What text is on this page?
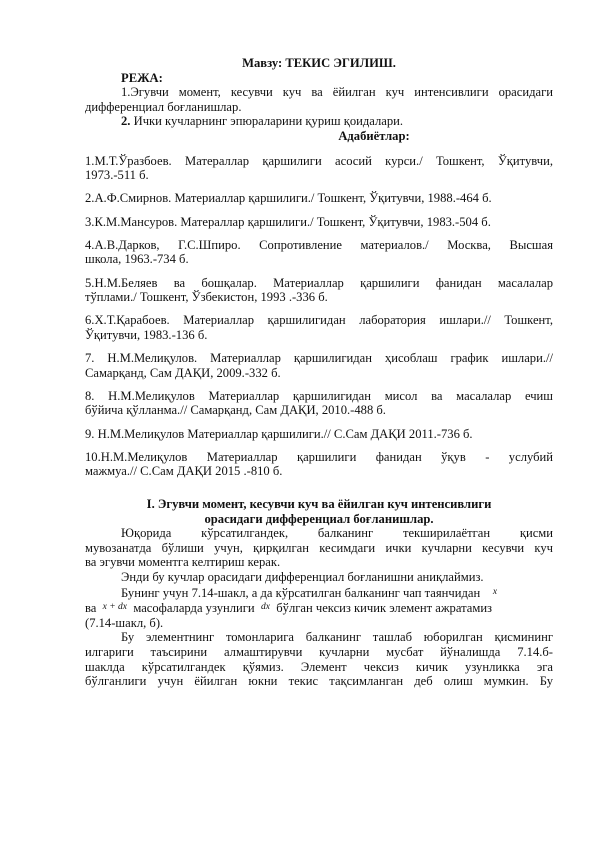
Мавзу: ТЕКИС ЭГИЛИШ.

РЕЖА:

1.Эгувчи момент, кесувчи куч ва ёйилган куч интенсивлиги орасидаги

дифференциал боғланишлар.

2. Ички кучларнинг эпюраларини қуриш қоидалари.

Адабиётлар:

1.М.Т.Ўразбоев. Матераллар қаршилиги асосий курси./ Тошкент, Ўқитувчи,

1973.-511 б.

2.А.Ф.Смирнов. Материаллар қаршилиги./ Тошкент, Ўқитувчи, 1988.-464 б.

3.К.М.Мансуров. Матераллар қаршилиги./ Тошкент, Ўқитувчи, 1983.-504 б.

4.А.В.Дарков, Г.С.Шпиро. Сопротивление материалов./ Москва, Высшая

школа, 1963.-734 б.

5.Н.М.Беляев ва бошқалар. Материаллар қаршилиги фанидан масалалар

тўплами./ Тошкент, Ўзбекистон, 1993 .-336 б.

6.Х.Т.Қарабоев. Материаллар қаршилигидан лаборатория ишлари.// Тошкент,

Ўқитувчи, 1983.-136 б.

7. Н.М.Мелиқулов. Материаллар қаршилигидан ҳисоблаш график ишлари.//

Самарқанд, Сам ДАҚИ, 2009.-332 б.

8. Н.М.Мелиқулов Материаллар қаршилигидан мисол ва масалалар ечиш

бўйича қўлланма.// Самарқанд, Сам ДАҚИ, 2010.-488 б.

9. Н.М.Мелиқулов Материаллар қаршилиги.// С.Сам ДАҚИ 2011.-736 б.

10.Н.М.Мелиқулов Материаллар қаршилиги фанидан ўқув - услубий

мажмуа.// С.Сам ДАҚИ 2015 .-810 б.

I. Эгувчи момент, кесувчи куч ва ёйилган куч интенсивлиги

орасидаги дифференциал боғланишлар.

Юқорида кўрсатилгандек, балканинг текширилаётган қисми

мувозанатда бўлиши учун, қирқилган кесимдаги ички кучларни кесувчи куч

ва эгувчи моментга келтириш керак.

Энди бу кучлар орасидаги дифференциал боғланишни аниқлаймиз.

Бунинг учун 7.14-шакл, а да кўрсатилган балканинг чап таянчидан $^x$

ва $^{x + dx}$ масофаларда узунлиги $^{dx}$ бўлган чексиз кичик элемент ажратамиз

(7.14-шакл, б).

Бу элементнинг томонларига балканинг ташлаб юборилган қисмининг

илгариги таъсирини алмаштирувчи кучларни мусбат йўналишда 7.14.б-

шаклда кўрсатилгандек қўямиз. Элемент чексиз кичик узунликка эга

бўлганлиги учун ёйилган юкни текис тақсимланган деб олиш мумкин. Бу
